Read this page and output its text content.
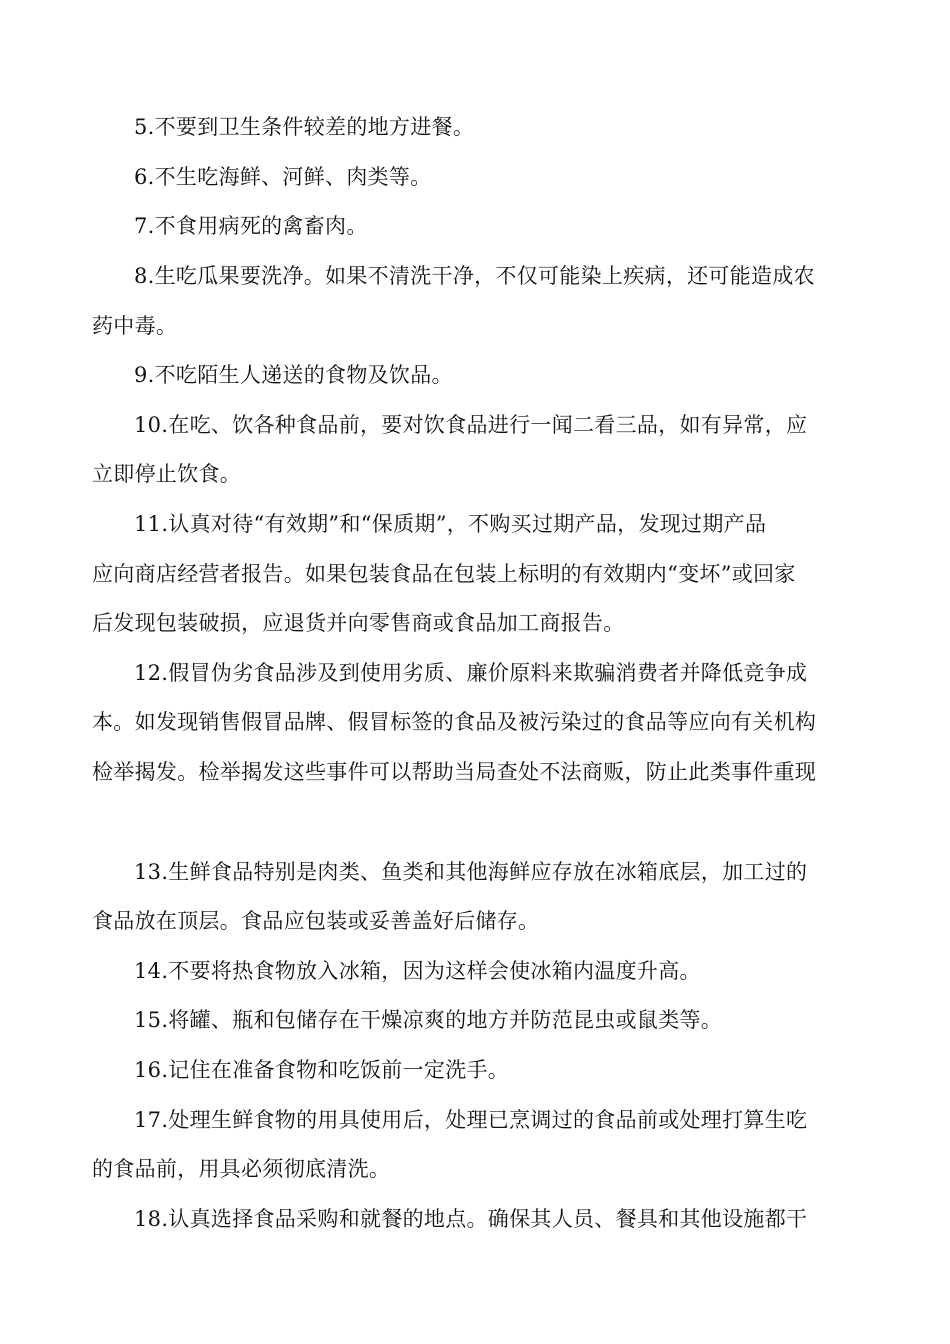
5.不要到卫生条件较差的地方进餐。
6.不生吃海鲜、河鲜、肉类等。
7.不食用病死的禽畜肉。
8.生吃瓜果要洗净。如果不清洗干净，不仅可能染上疾病，还可能造成农
药中毒。
9.不吃陌生人递送的食物及饮品。
10.在吃、饮各种食品前，要对饮食品进行一闻二看三品，如有异常，应
立即停止饮食。
11.认真对待“有效期”和“保质期”，不购买过期产品，发现过期产品
应向商店经营者报告。如果包装食品在包装上标明的有效期内“变坏”或回家
后发现包装破损，应退货并向零售商或食品加工商报告。
12.假冒伪劣食品涉及到使用劣质、廉价原料来欺骗消费者并降低竞争成
本。如发现销售假冒品牌、假冒标签的食品及被污染过的食品等应向有关机构
检举揭发。检举揭发这些事件可以帮助当局查处不法商贩，防止此类事件重现
13.生鲜食品特别是肉类、鱼类和其他海鲜应存放在冰箱底层，加工过的
食品放在顶层。食品应包装或妥善盖好后储存。
14.不要将热食物放入冰箱，因为这样会使冰箱内温度升高。
15.将罐、瓶和包储存在干燥凉爽的地方并防范昆虫或鼠类等。
16.记住在准备食物和吃饭前一定洗手。
17.处理生鲜食物的用具使用后，处理已烹调过的食品前或处理打算生吃
的食品前，用具必须彻底清洗。
18.认真选择食品采购和就餐的地点。确保其人员、餐具和其他设施都干
